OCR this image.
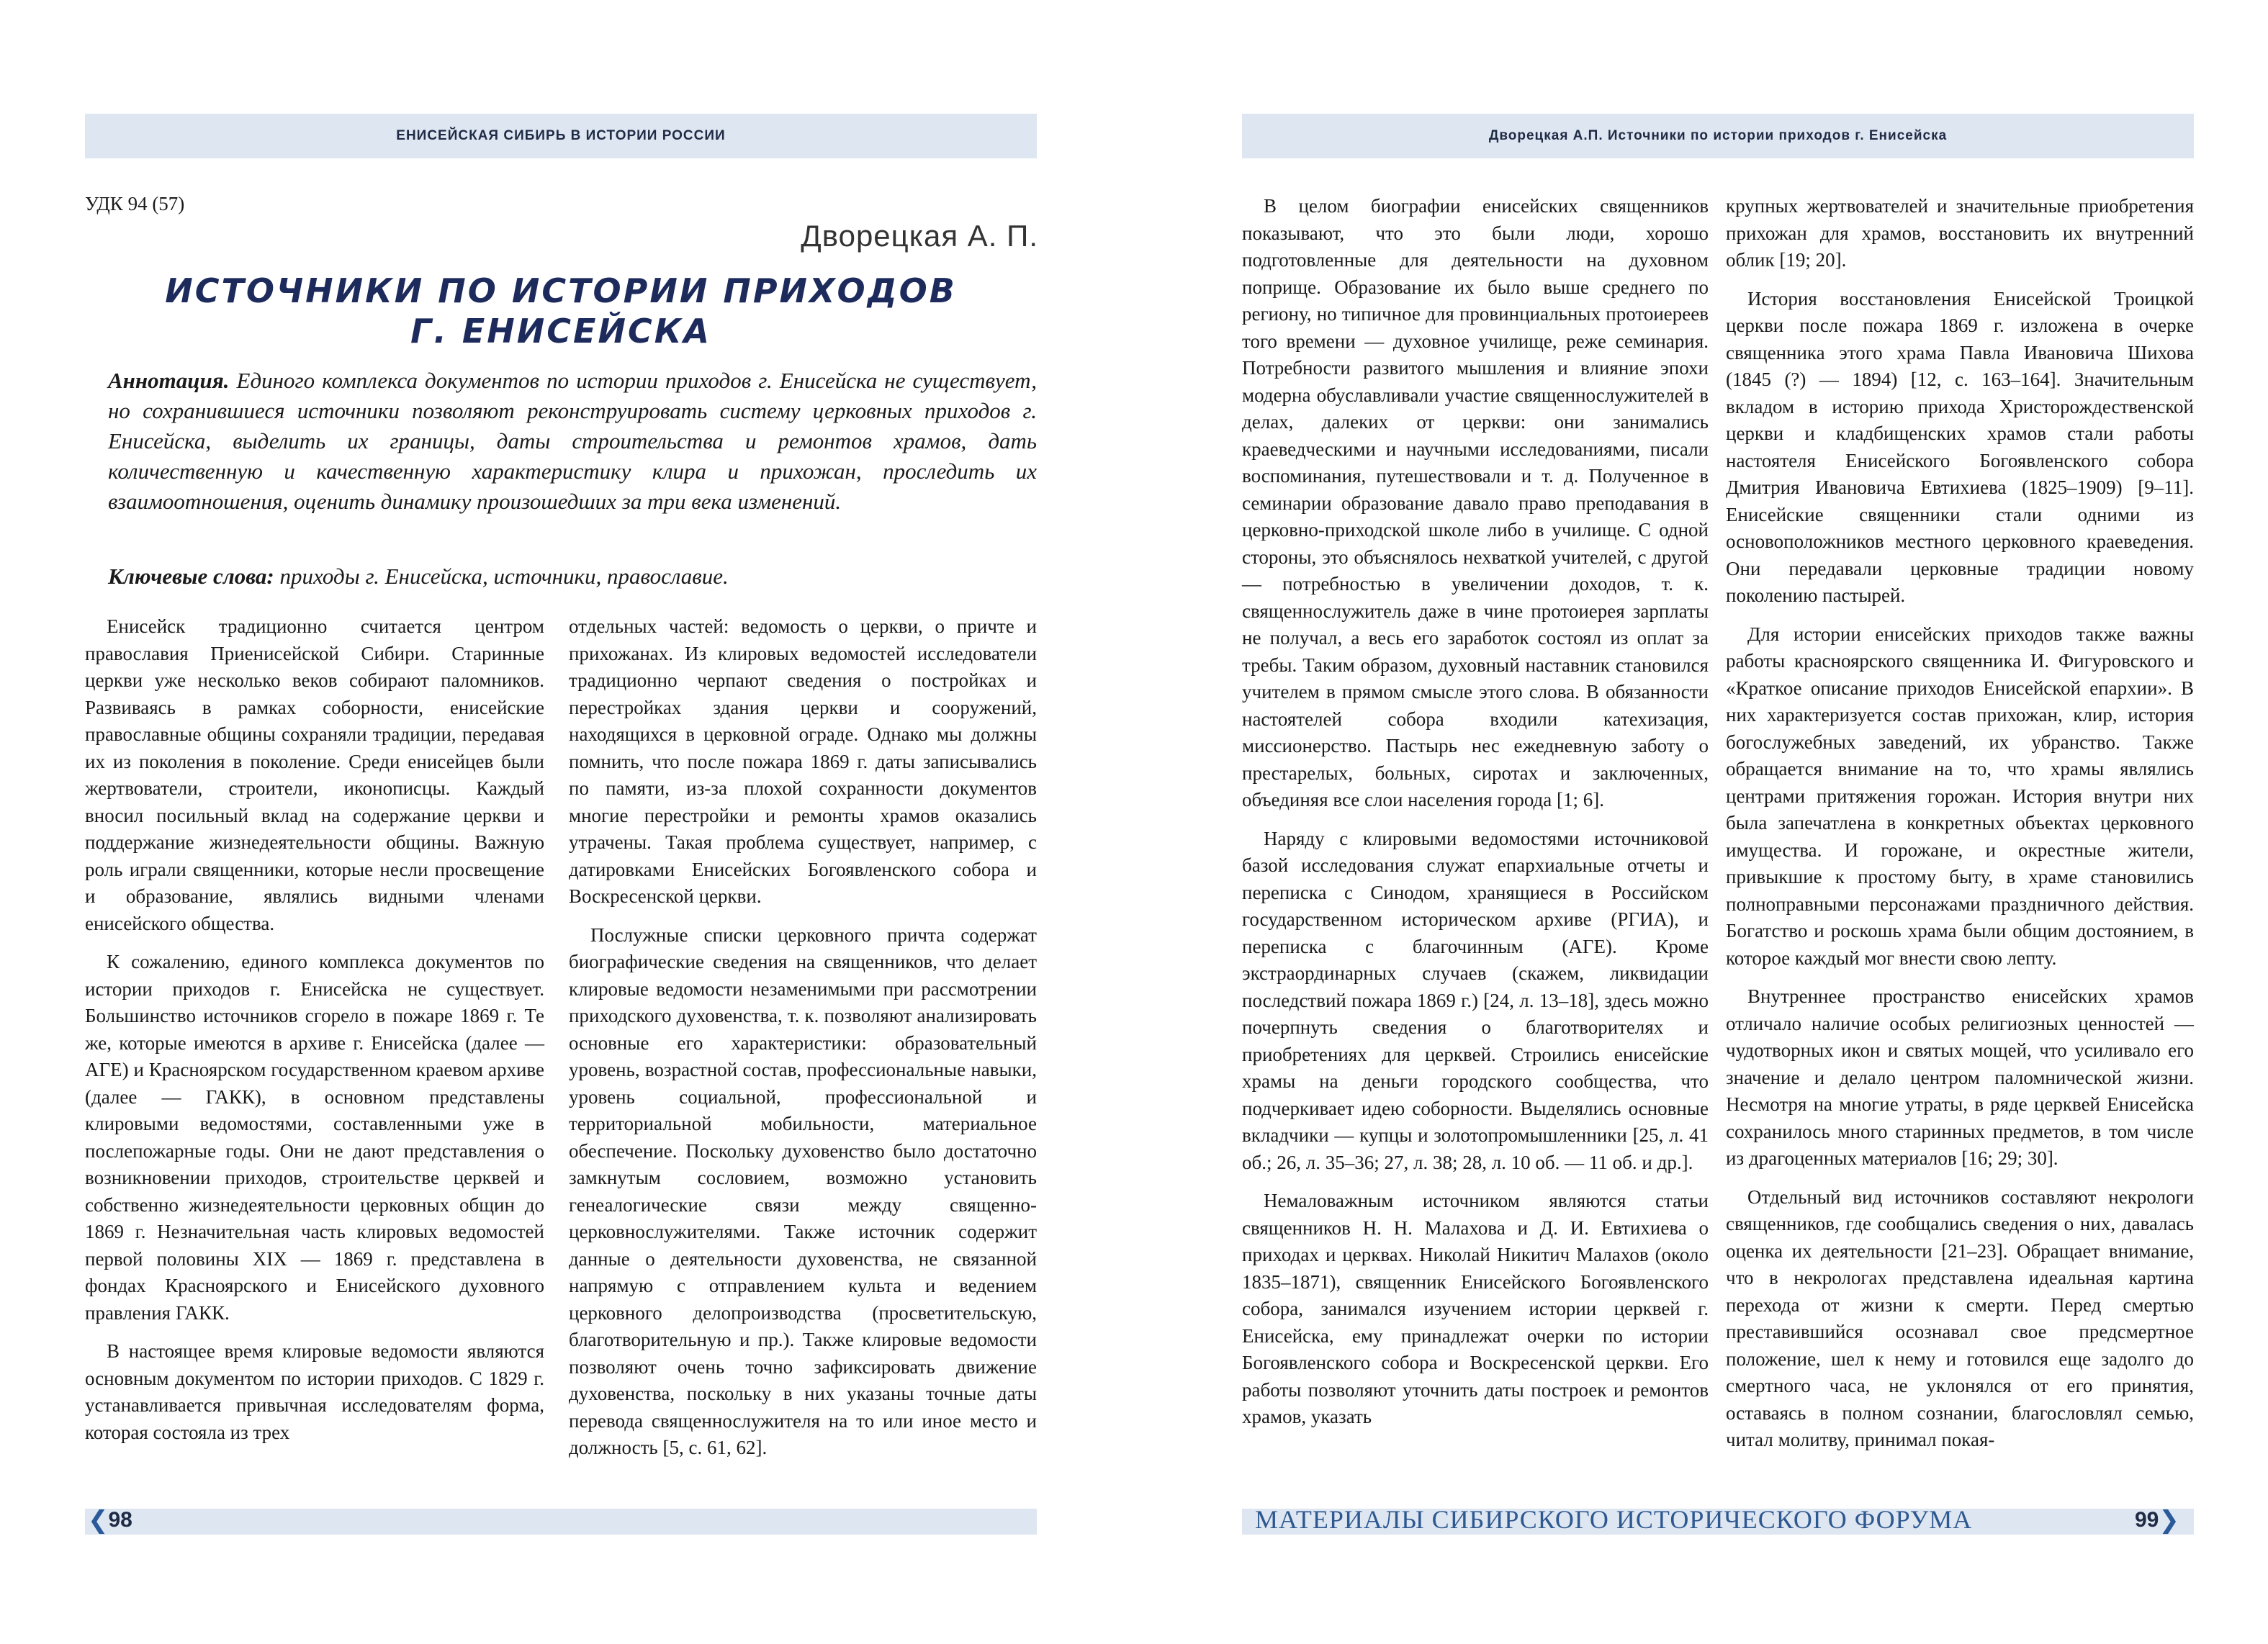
ЕНИСЕЙСКАЯ СИБИРЬ В ИСТОРИИ РОССИИ
УДК 94 (57)
Дворецкая А. П.
ИСТОЧНИКИ ПО ИСТОРИИ ПРИХОДОВ
Г. ЕНИСЕЙСКА
Аннотация. Единого комплекса документов по истории приходов г. Енисейска не существует, но сохранившиеся источники позволяют реконструировать систему церковных приходов г. Енисейска, выделить их границы, даты строительства и ремонтов храмов, дать количественную и качественную характеристику клира и прихожан, проследить их взаимоотношения, оценить динамику произошедших за три века изменений.
Ключевые слова: приходы г. Енисейска, источники, православие.

Енисейск традиционно считается центром православия Приенисейской Сибири. Старинные церкви уже несколько веков собирают паломников. Развиваясь в рамках соборности, енисейские православные общины сохраняли традиции, передавая их из поколения в поколение. Среди енисейцев были жертвователи, строители, иконописцы. Каждый вносил посильный вклад на содержание церкви и поддержание жизнедеятельности общины. Важную роль играли священники, которые несли просвещение и образование, являлись видными членами енисейского общества.

К сожалению, единого комплекса документов по истории приходов г. Енисейска не существует. Большинство источников сгорело в пожаре 1869 г. Те же, которые имеются в архиве г. Енисейска (далее — АГЕ) и Красноярском государственном краевом архиве (далее — ГАКК), в основном представлены клировыми ведомостями, составленными уже в послепожарные годы. Они не дают представления о возникновении приходов, строительстве церквей и собственно жизнедеятельности церковных общин до 1869 г. Незначительная часть клировых ведомостей первой половины XIX — 1869 г. представлена в фондах Красноярского и Енисейского духовного правления ГАКК.

В настоящее время клировые ведомости являются основным документом по истории приходов. С 1829 г. устанавливается привычная исследователям форма, которая состояла из трех

отдельных частей: ведомость о церкви, о причте и прихожанах. Из клировых ведомостей исследователи традиционно черпают сведения о постройках и перестройках здания церкви и сооружений, находящихся в церковной ограде. Однако мы должны помнить, что после пожара 1869 г. даты записывались по памяти, из-за плохой сохранности документов многие перестройки и ремонты храмов оказались утрачены. Такая проблема существует, например, с датировками Енисейских Богоявленского собора и Воскресенской церкви.

Послужные списки церковного причта содержат биографические сведения на священников, что делает клировые ведомости незаменимыми при рассмотрении приходского духовенства, т. к. позволяют анализировать основные его характеристики: образовательный уровень, возрастной состав, профессиональные навыки, уровень социальной, профессиональной и территориальной мобильности, материальное обеспечение. Поскольку духовенство было достаточно замкнутым сословием, возможно установить генеалогические связи между священно-церковнослужителями. Также источник содержит данные о деятельности духовенства, не связанной напрямую с отправлением культа и ведением церковного делопроизводства (просветительскую, благотворительную и пр.). Также клировые ведомости позволяют очень точно зафиксировать движение духовенства, поскольку в них указаны точные даты перевода священнослужителя на то или иное место и должность [5, с. 61, 62].

❮ 98
Дворецкая А.П. Источники по истории приходов г. Енисейска

В целом биографии енисейских священников показывают, что это были люди, хорошо подготовленные для деятельности на духовном поприще. Образование их было выше среднего по региону, но типичное для провинциальных протоиереев того времени — духовное училище, реже семинария. Потребности развитого мышления и влияние эпохи модерна обуславливали участие священнослужителей в делах, далеких от церкви: они занимались краеведческими и научными исследованиями, писали воспоминания, путешествовали и т. д. Полученное в семинарии образование давало право преподавания в церковно-приходской школе либо в училище. С одной стороны, это объяснялось нехваткой учителей, с другой — потребностью в увеличении доходов, т. к. священнослужитель даже в чине протоиерея зарплаты не получал, а весь его заработок состоял из оплат за требы. Таким образом, духовный наставник становился учителем в прямом смысле этого слова. В обязанности настоятелей собора входили катехизация, миссионерство. Пастырь нес ежедневную заботу о престарелых, больных, сиротах и заключенных, объединяя все слои населения города [1; 6].

Наряду с клировыми ведомостями источниковой базой исследования служат епархиальные отчеты и переписка с Синодом, хранящиеся в Российском государственном историческом архиве (РГИА), и переписка с благочинным (АГЕ). Кроме экстраординарных случаев (скажем, ликвидации последствий пожара 1869 г.) [24, л. 13–18], здесь можно почерпнуть сведения о благотворителях и приобретениях для церквей. Строились енисейские храмы на деньги городского сообщества, что подчеркивает идею соборности. Выделялись основные вкладчики — купцы и золотопромышленники [25, л. 41 об.; 26, л. 35–36; 27, л. 38; 28, л. 10 об. — 11 об. и др.].

Немаловажным источником являются статьи священников Н. Н. Малахова и Д. И. Евтихиева о приходах и церквах. Николай Никитич Малахов (около 1835–1871), священник Енисейского Богоявленского собора, занимался изучением истории церквей г. Енисейска, ему принадлежат очерки по истории Богоявленского собора и Воскресенской церкви. Его работы позволяют уточнить даты построек и ремонтов храмов, указать

крупных жертвователей и значительные приобретения прихожан для храмов, восстановить их внутренний облик [19; 20].

История восстановления Енисейской Троицкой церкви после пожара 1869 г. изложена в очерке священника этого храма Павла Ивановича Шихова (1845 (?) — 1894) [12, с. 163–164]. Значительным вкладом в историю прихода Христорождественской церкви и кладбищенских храмов стали работы настоятеля Енисейского Богоявленского собора Дмитрия Ивановича Евтихиева (1825–1909) [9–11]. Енисейские священники стали одними из основоположников местного церковного краеведения. Они передавали церковные традиции новому поколению пастырей.

Для истории енисейских приходов также важны работы красноярского священника И. Фигуровского и «Краткое описание приходов Енисейской епархии». В них характеризуется состав прихожан, клир, история богослужебных заведений, их убранство. Также обращается внимание на то, что храмы являлись центрами притяжения горожан. История внутри них была запечатлена в конкретных объектах церковного имущества. И горожане, и окрестные жители, привыкшие к простому быту, в храме становились полноправными персонажами праздничного действия. Богатство и роскошь храма были общим достоянием, в которое каждый мог внести свою лепту.

Внутреннее пространство енисейских храмов отличало наличие особых религиозных ценностей — чудотворных икон и святых мощей, что усиливало его значение и делало центром паломнической жизни. Несмотря на многие утраты, в ряде церквей Енисейска сохранилось много старинных предметов, в том числе из драгоценных материалов [16; 29; 30].

Отдельный вид источников составляют некрологи священников, где сообщались сведения о них, давалась оценка их деятельности [21–23]. Обращает внимание, что в некрологах представлена идеальная картина перехода от жизни к смерти. Перед смертью преставившийся осознавал свое предсмертное положение, шел к нему и готовился еще задолго до смертного часа, не уклонялся от его принятия, оставаясь в полном сознании, благословлял семью, читал молитву, принимал покая-

МАТЕРИАЛЫ СИБИРСКОГО ИСТОРИЧЕСКОГО ФОРУМА	99 ❯
